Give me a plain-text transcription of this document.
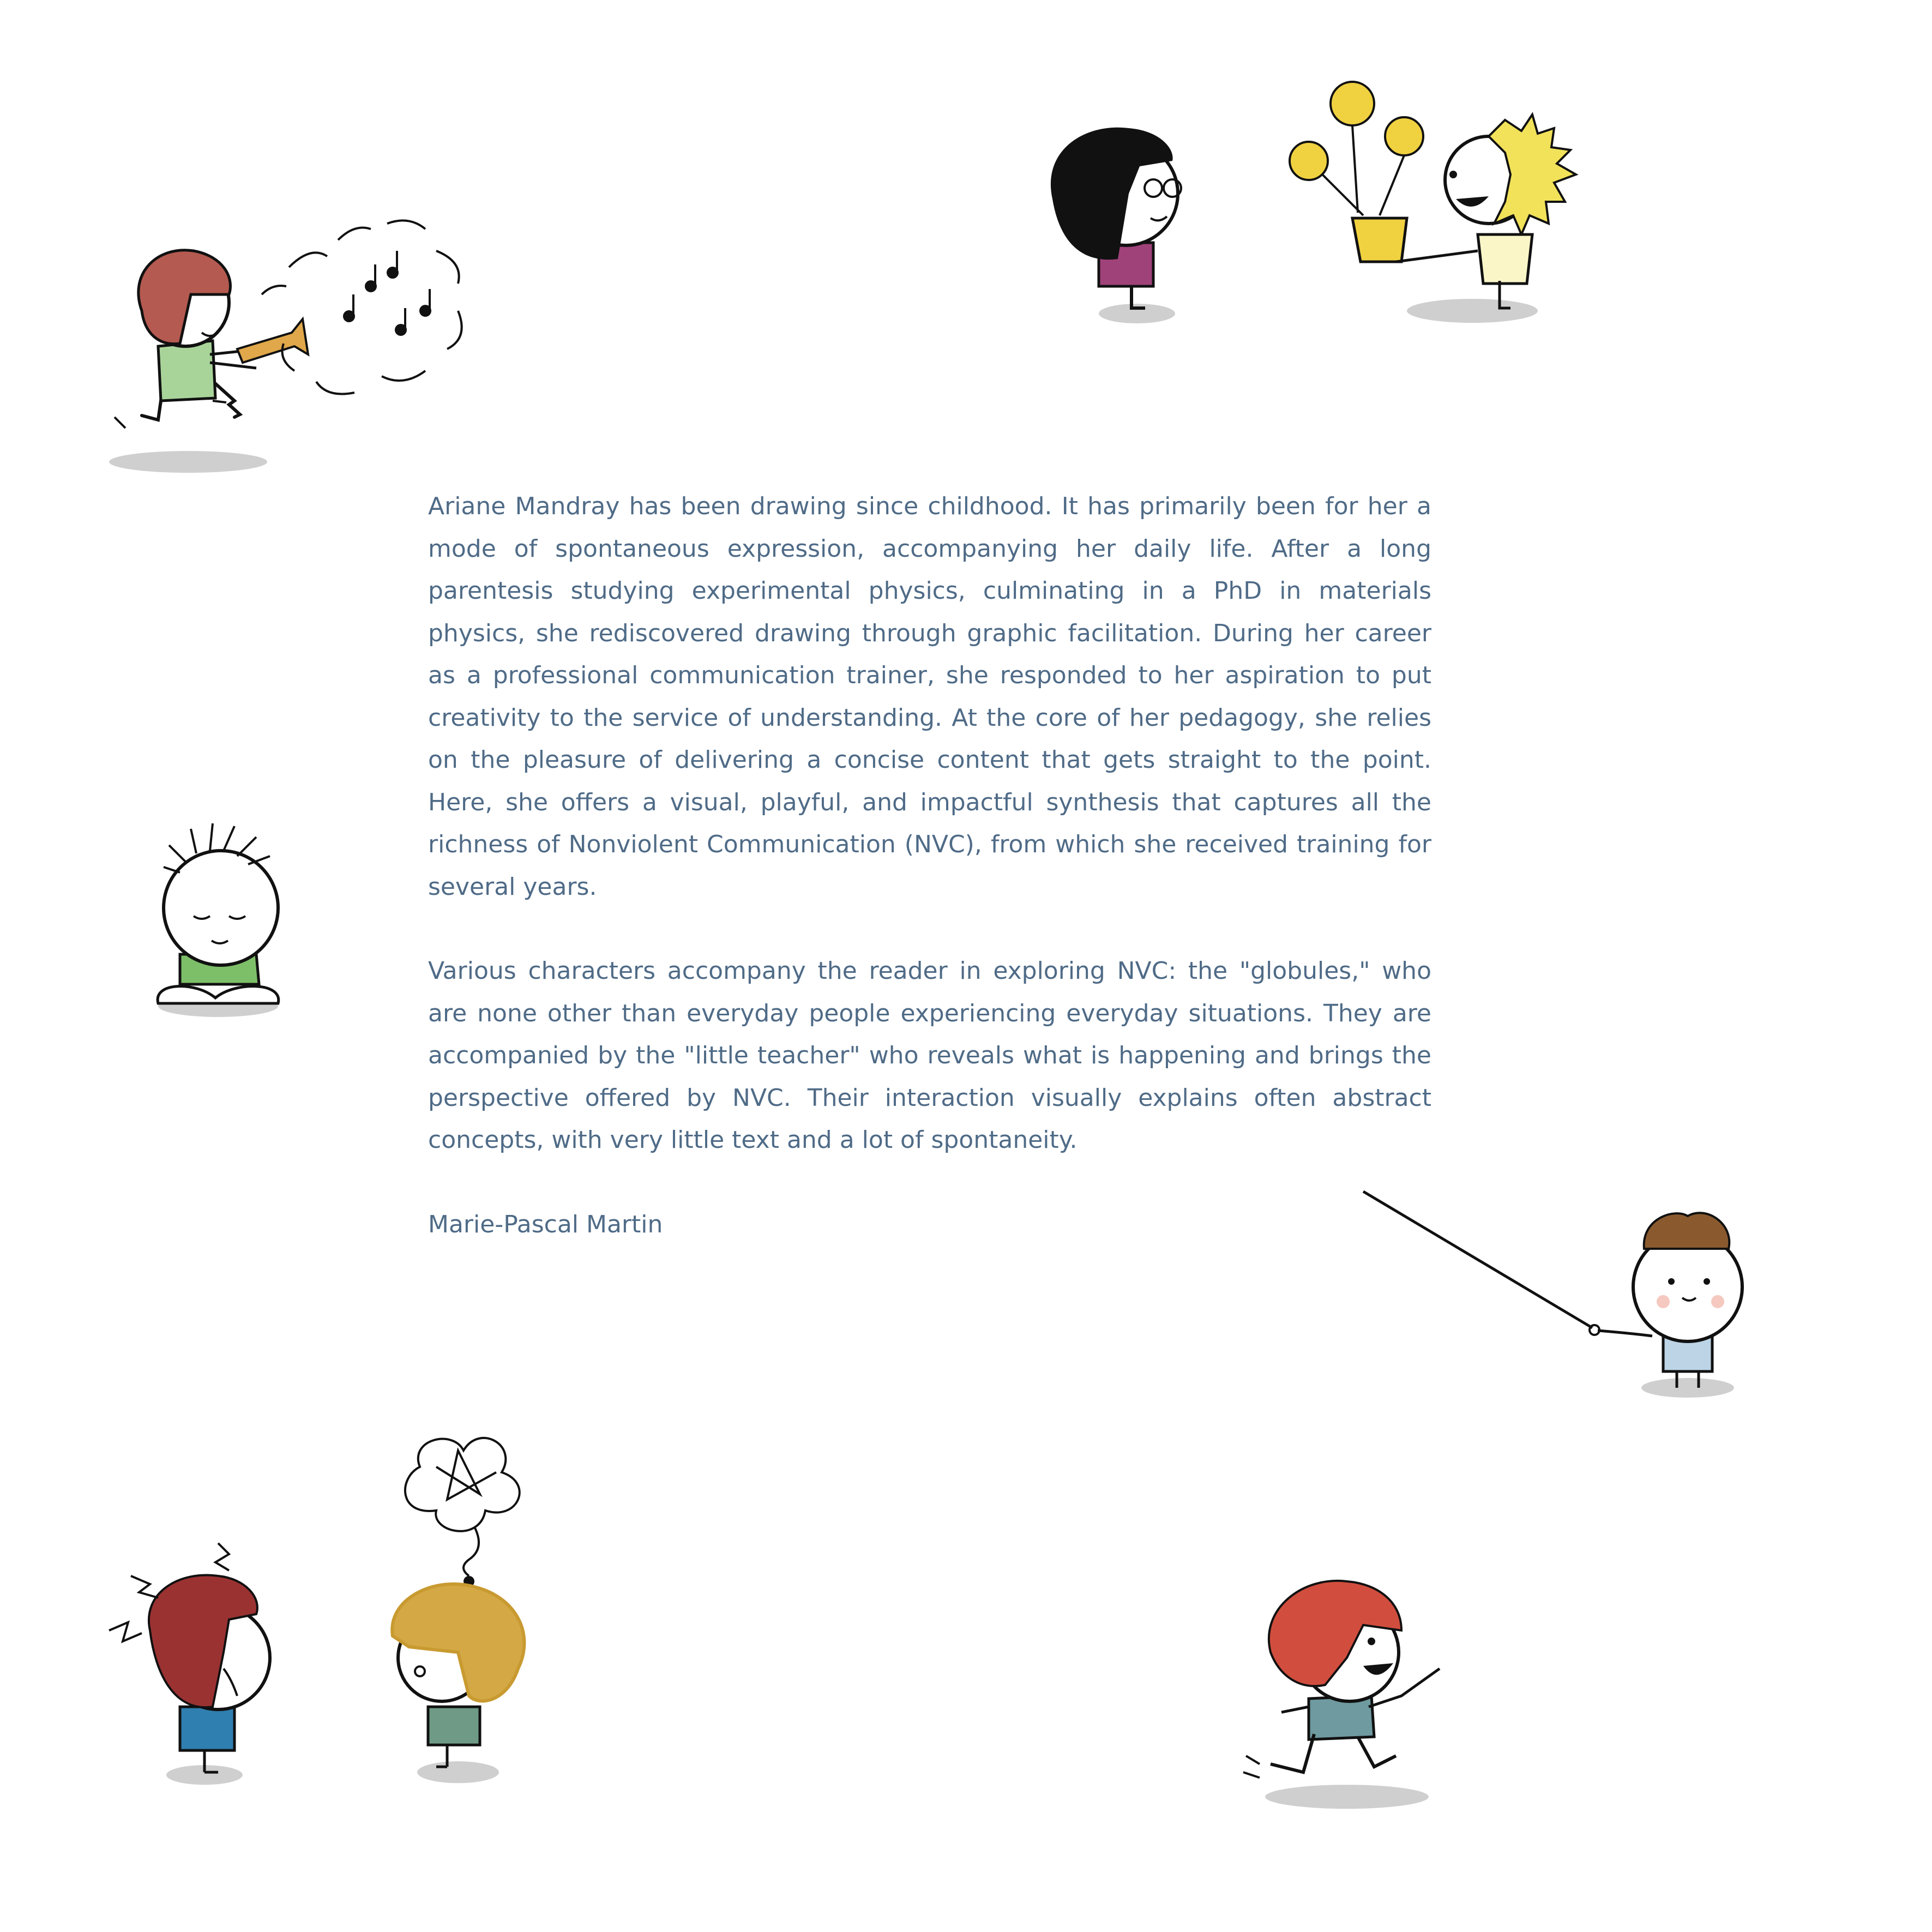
Ariane Mandray has been drawing since childhood. It has primarily been for her a mode of spontaneous expression, accompanying her daily life. After a long parentesis studying experimental physics, culminating in a PhD in materials physics, she rediscovered drawing through graphic facilitation. During her career as a professional communication trainer, she responded to her aspiration to put creativity to the service of understanding. At the core of her pedagogy, she relies on the pleasure of delivering a concise content that gets straight to the point. Here, she offers a visual, playful, and impactful synthesis that captures all the richness of Nonviolent Communication (NVC), from which she received training for several years.

Various characters accompany the reader in exploring NVC: the "globules," who are none other than everyday people experiencing everyday situations. They are accompanied by the "little teacher" who reveals what is happening and brings the perspective offered by NVC. Their interaction visually explains often abstract concepts, with very little text and a lot of spontaneity.

Marie-Pascal Martin
